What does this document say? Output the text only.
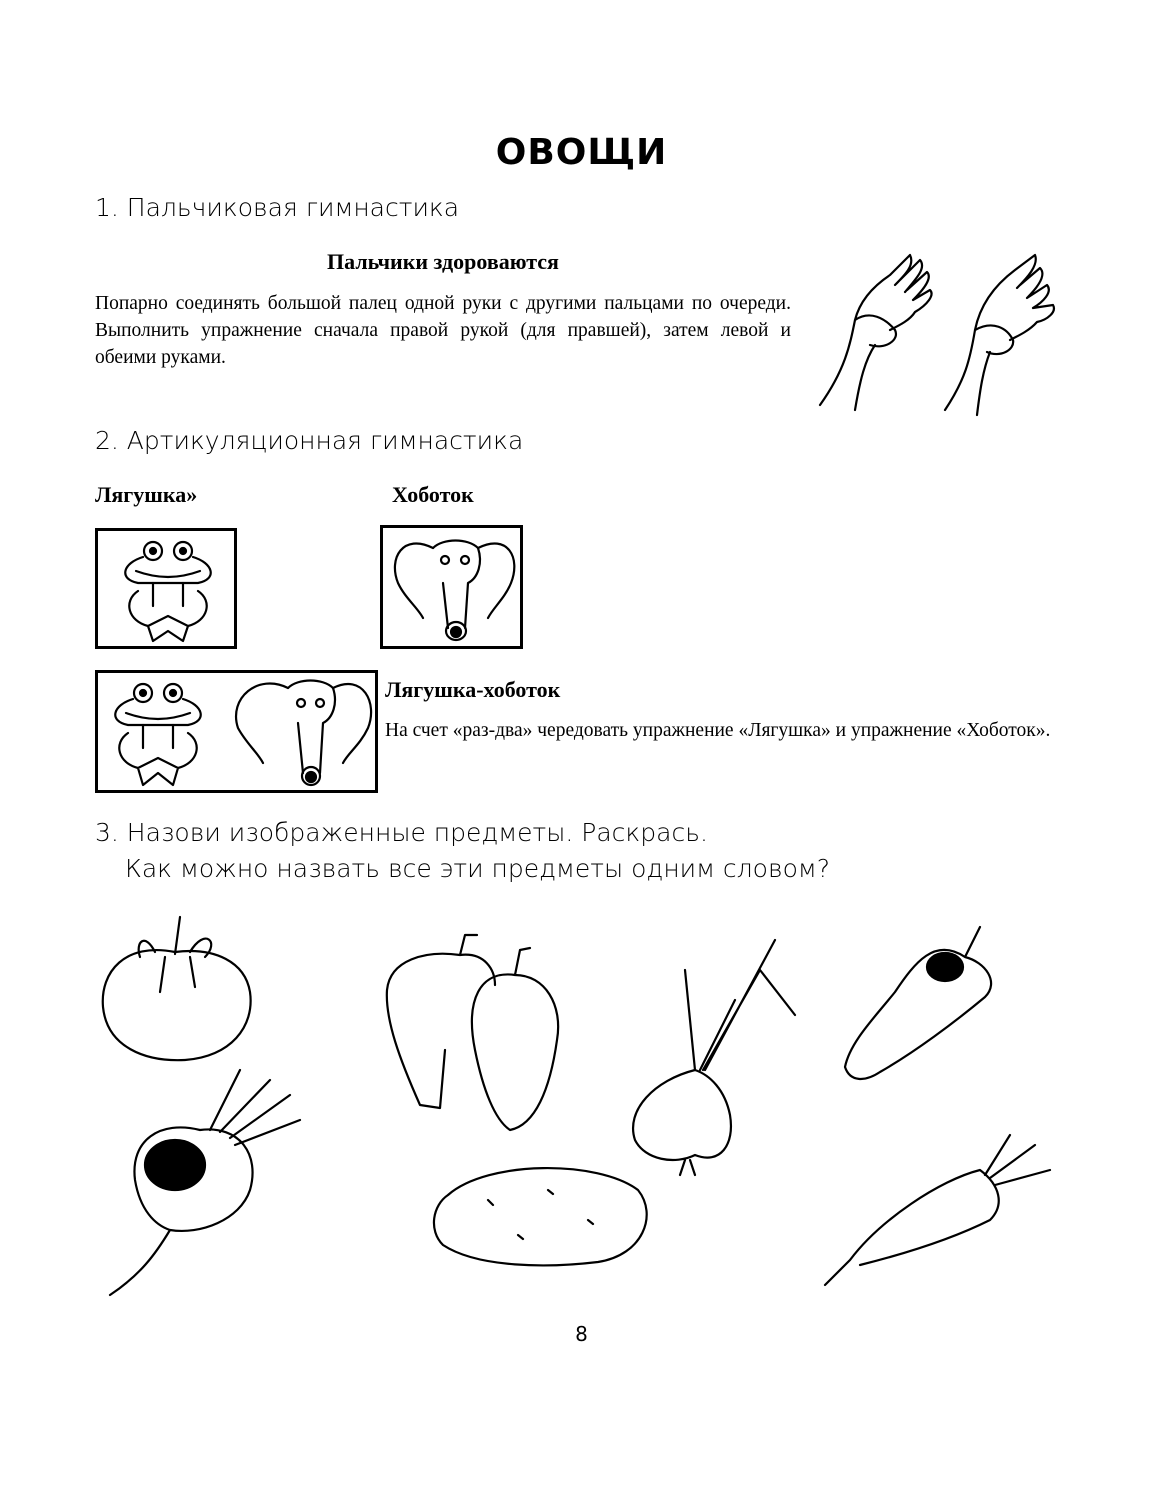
ОВОЩИ
1. Пальчиковая гимнастика
Пальчики здороваются
Попарно соединять большой палец одной руки с другими пальцами по очереди. Выполнить упражнение сначала правой рукой (для правшей), затем левой и обеими руками.
2. Артикуляционная гимнастика
Лягушка»	Хоботок
Лягушка-хоботок
На счет «раз-два» чередовать упражнение «Лягушка» и упражнение «Хоботок».
3. Назови изображенные предметы. Раскрась.
Как можно назвать все эти предметы одним словом?
8
